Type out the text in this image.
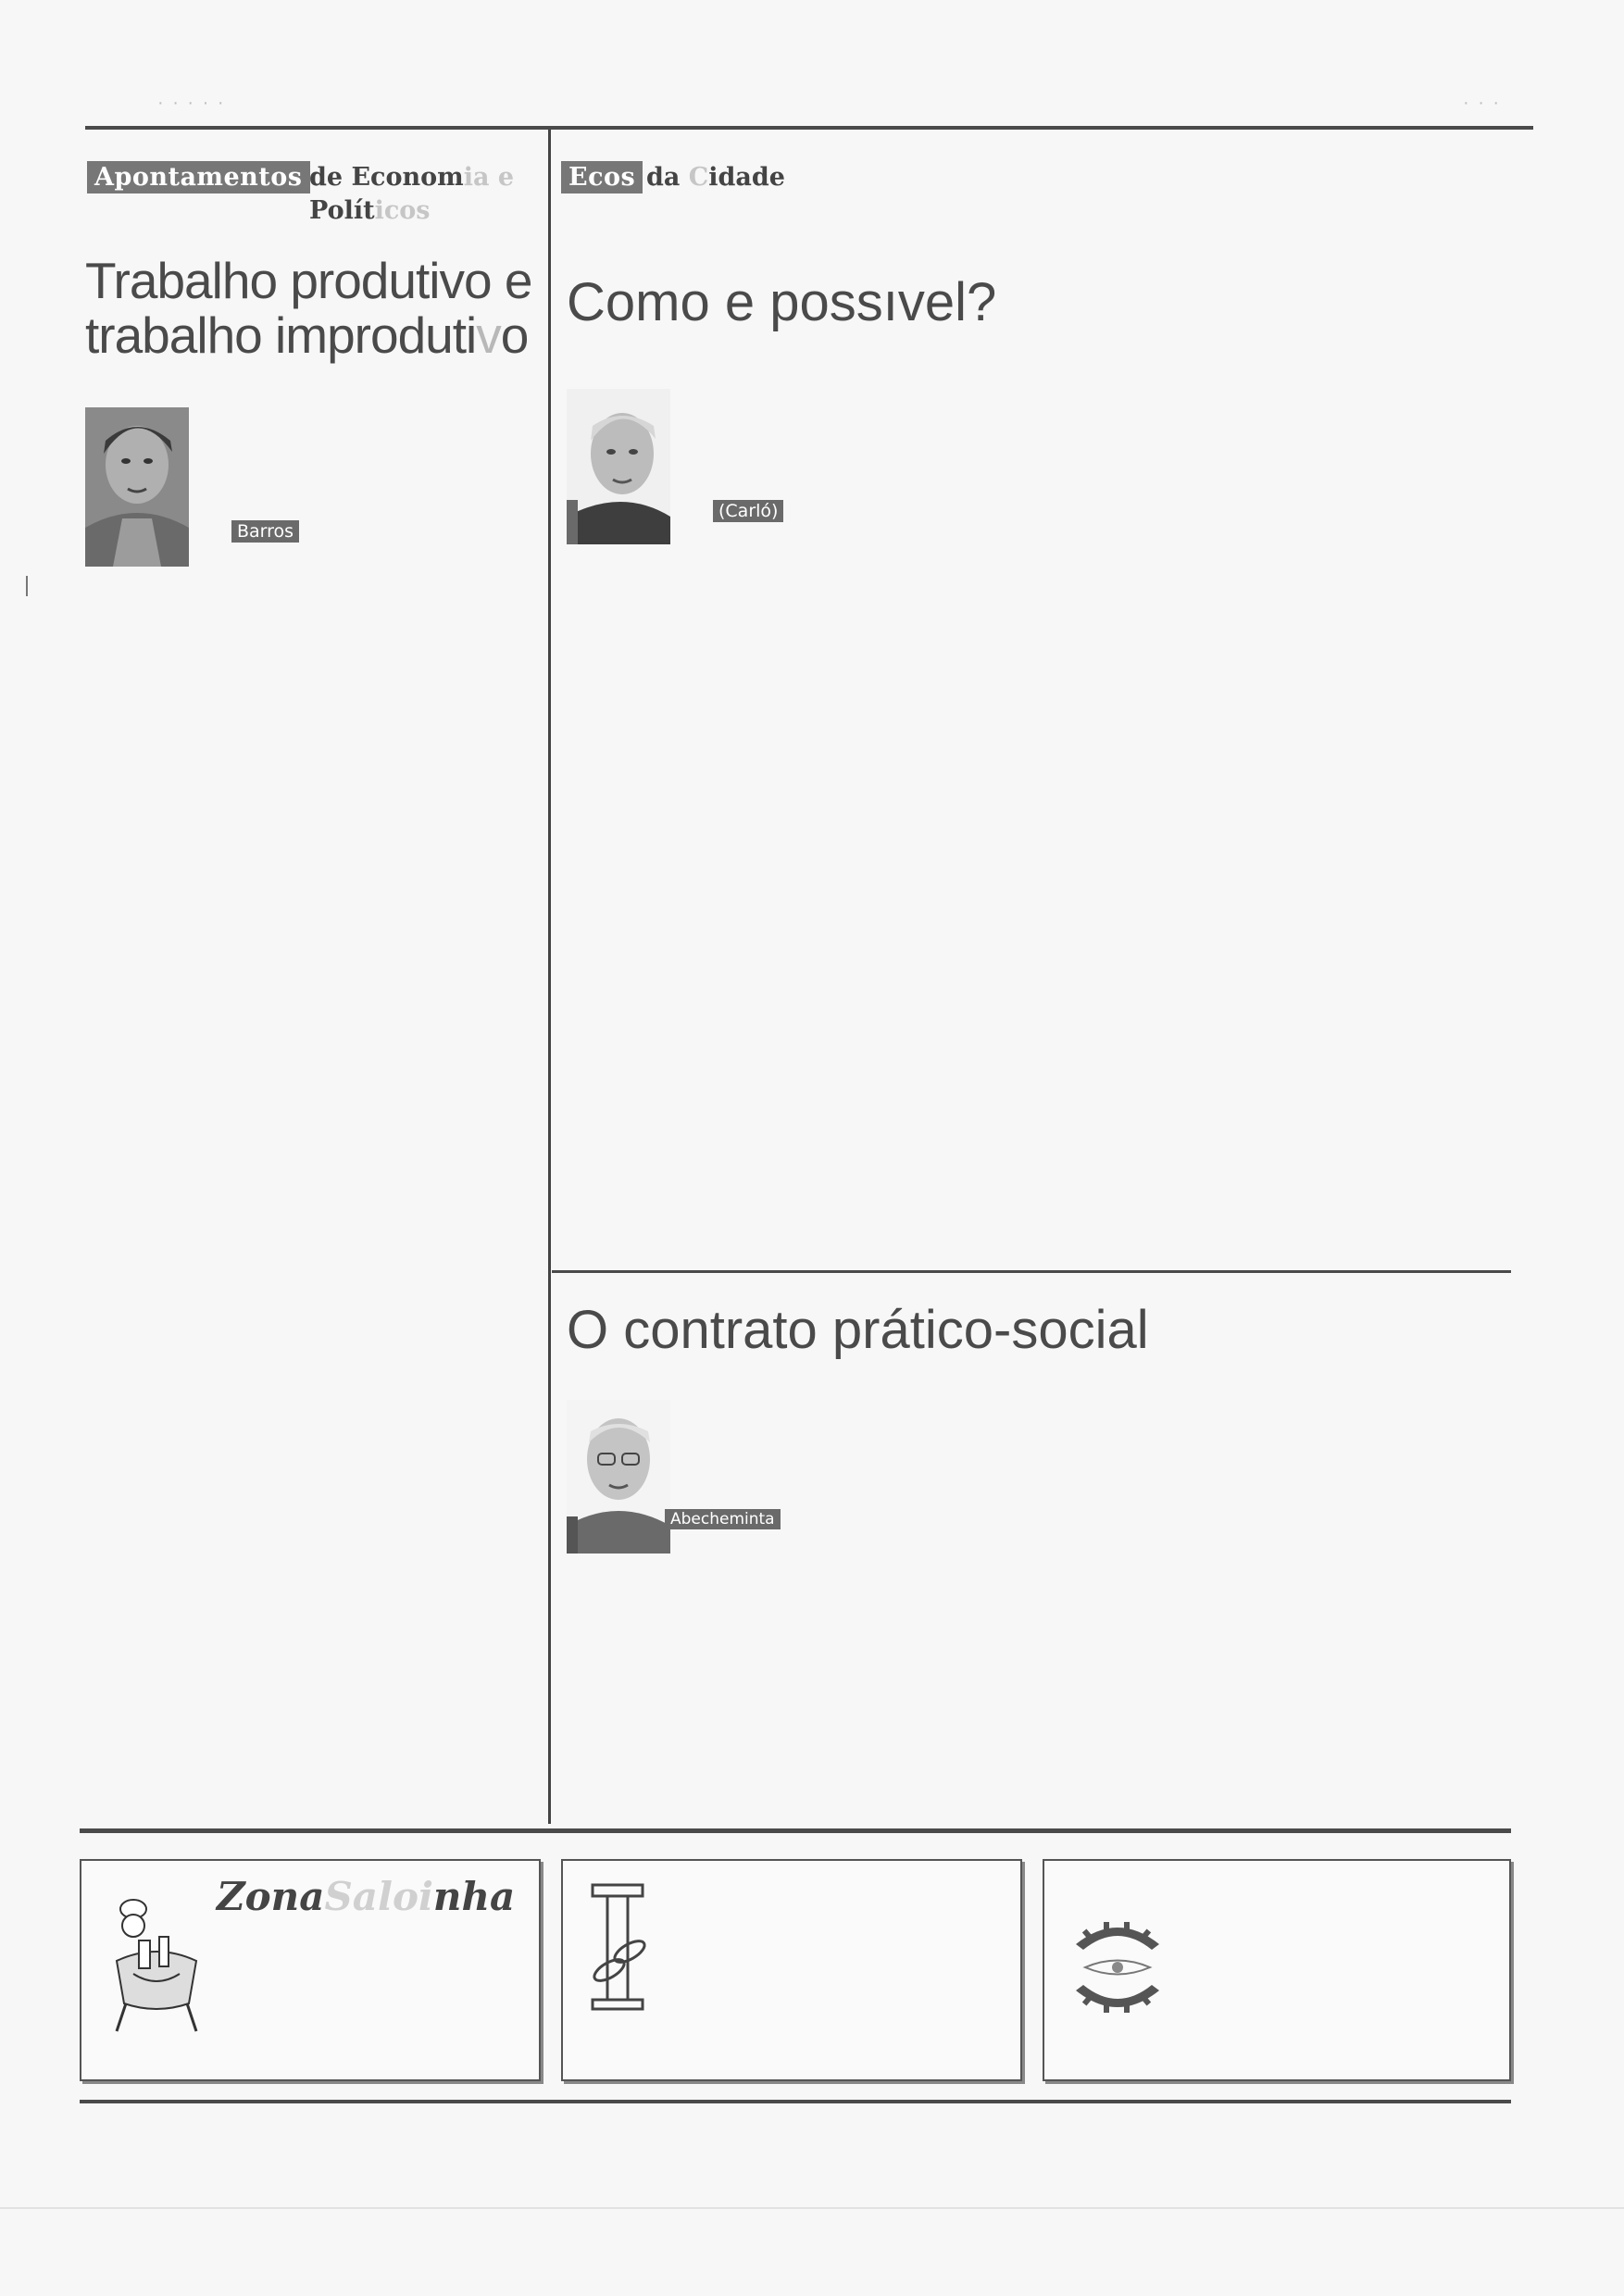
· · · · ·	· · ·
Apontamentos de Economia e
Políticos
Trabalho produtivo e
trabalho improdutivo
Barros
Ecos da Cidade
Como e possıvel?
(Carló)
O contrato prático-social
Abecheminta
ZonaSaloinha
